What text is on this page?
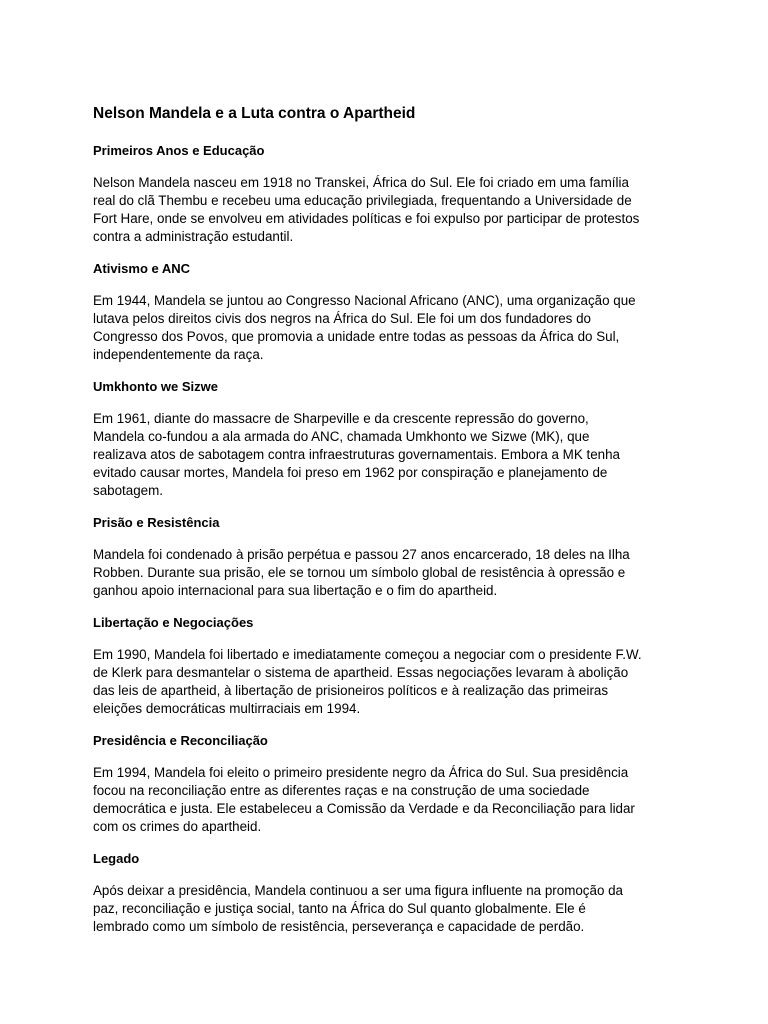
Nelson Mandela e a Luta contra o Apartheid
Primeiros Anos e Educação
Nelson Mandela nasceu em 1918 no Transkei, África do Sul. Ele foi criado em uma família
real do clã Thembu e recebeu uma educação privilegiada, frequentando a Universidade de
Fort Hare, onde se envolveu em atividades políticas e foi expulso por participar de protestos
contra a administração estudantil.
Ativismo e ANC
Em 1944, Mandela se juntou ao Congresso Nacional Africano (ANC), uma organização que
lutava pelos direitos civis dos negros na África do Sul. Ele foi um dos fundadores do
Congresso dos Povos, que promovia a unidade entre todas as pessoas da África do Sul,
independentemente da raça.
Umkhonto we Sizwe
Em 1961, diante do massacre de Sharpeville e da crescente repressão do governo,
Mandela co-fundou a ala armada do ANC, chamada Umkhonto we Sizwe (MK), que
realizava atos de sabotagem contra infraestruturas governamentais. Embora a MK tenha
evitado causar mortes, Mandela foi preso em 1962 por conspiração e planejamento de
sabotagem.
Prisão e Resistência
Mandela foi condenado à prisão perpétua e passou 27 anos encarcerado, 18 deles na Ilha
Robben. Durante sua prisão, ele se tornou um símbolo global de resistência à opressão e
ganhou apoio internacional para sua libertação e o fim do apartheid.
Libertação e Negociações
Em 1990, Mandela foi libertado e imediatamente começou a negociar com o presidente F.W.
de Klerk para desmantelar o sistema de apartheid. Essas negociações levaram à abolição
das leis de apartheid, à libertação de prisioneiros políticos e à realização das primeiras
eleições democráticas multirraciais em 1994.
Presidência e Reconciliação
Em 1994, Mandela foi eleito o primeiro presidente negro da África do Sul. Sua presidência
focou na reconciliação entre as diferentes raças e na construção de uma sociedade
democrática e justa. Ele estabeleceu a Comissão da Verdade e da Reconciliação para lidar
com os crimes do apartheid.
Legado
Após deixar a presidência, Mandela continuou a ser uma figura influente na promoção da
paz, reconciliação e justiça social, tanto na África do Sul quanto globalmente. Ele é
lembrado como um símbolo de resistência, perseverança e capacidade de perdão.
